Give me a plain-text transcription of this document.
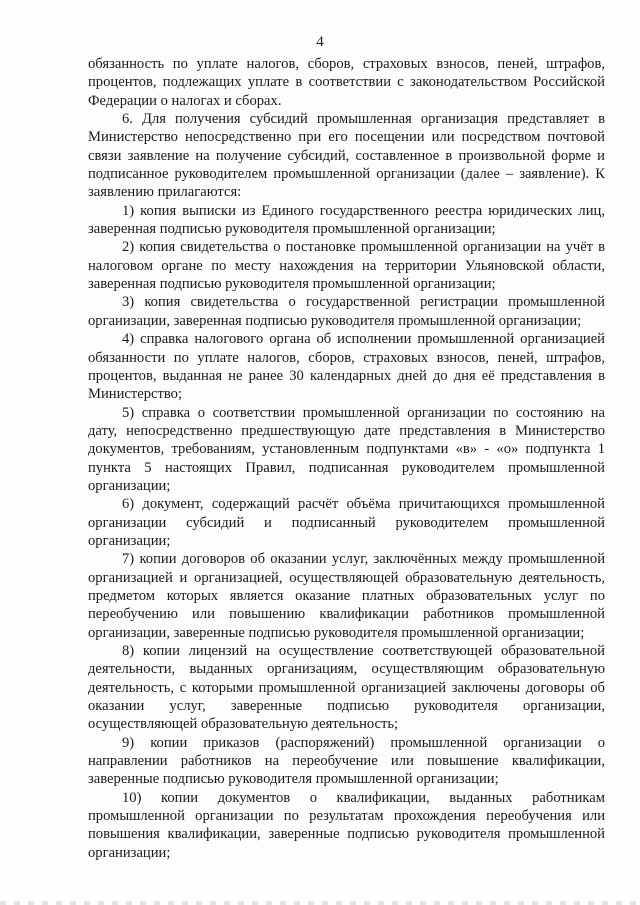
4

обязанность по уплате налогов, сборов, страховых взносов, пеней, штрафов, процентов, подлежащих уплате в соответствии с законодательством Российской Федерации о налогах и сборах.

6. Для получения субсидий промышленная организация представляет в Министерство непосредственно при его посещении или посредством почтовой связи заявление на получение субсидий, составленное в произвольной форме и подписанное руководителем промышленной организации (далее – заявление). К заявлению прилагаются:

1) копия выписки из Единого государственного реестра юридических лиц, заверенная подписью руководителя промышленной организации;

2) копия свидетельства о постановке промышленной организации на учёт в налоговом органе по месту нахождения на территории Ульяновской области, заверенная подписью руководителя промышленной организации;

3) копия свидетельства о государственной регистрации промышленной организации, заверенная подписью руководителя промышленной организации;

4) справка налогового органа об исполнении промышленной организацией обязанности по уплате налогов, сборов, страховых взносов, пеней, штрафов, процентов, выданная не ранее 30 календарных дней до дня её представления в Министерство;

5) справка о соответствии промышленной организации по состоянию на дату, непосредственно предшествующую дате представления в Министерство документов, требованиям, установленным подпунктами «в» - «о» подпункта 1 пункта 5 настоящих Правил, подписанная руководителем промышленной организации;

6) документ, содержащий расчёт объёма причитающихся промышленной организации субсидий и подписанный руководителем промышленной организации;

7) копии договоров об оказании услуг, заключённых между промышленной организацией и организацией, осуществляющей образовательную деятельность, предметом которых является оказание платных образовательных услуг по переобучению или повышению квалификации работников промышленной организации, заверенные подписью руководителя промышленной организации;

8) копии лицензий на осуществление соответствующей образовательной деятельности, выданных организациям, осуществляющим образовательную деятельность, с которыми промышленной организацией заключены договоры об оказании услуг, заверенные подписью руководителя организации, осуществляющей образовательную деятельность;

9) копии приказов (распоряжений) промышленной организации о направлении работников на переобучение или повышение квалификации, заверенные подписью руководителя промышленной организации;

10) копии документов о квалификации, выданных работникам промышленной организации по результатам прохождения переобучения или повышения квалификации, заверенные подписью руководителя промышленной организации;
